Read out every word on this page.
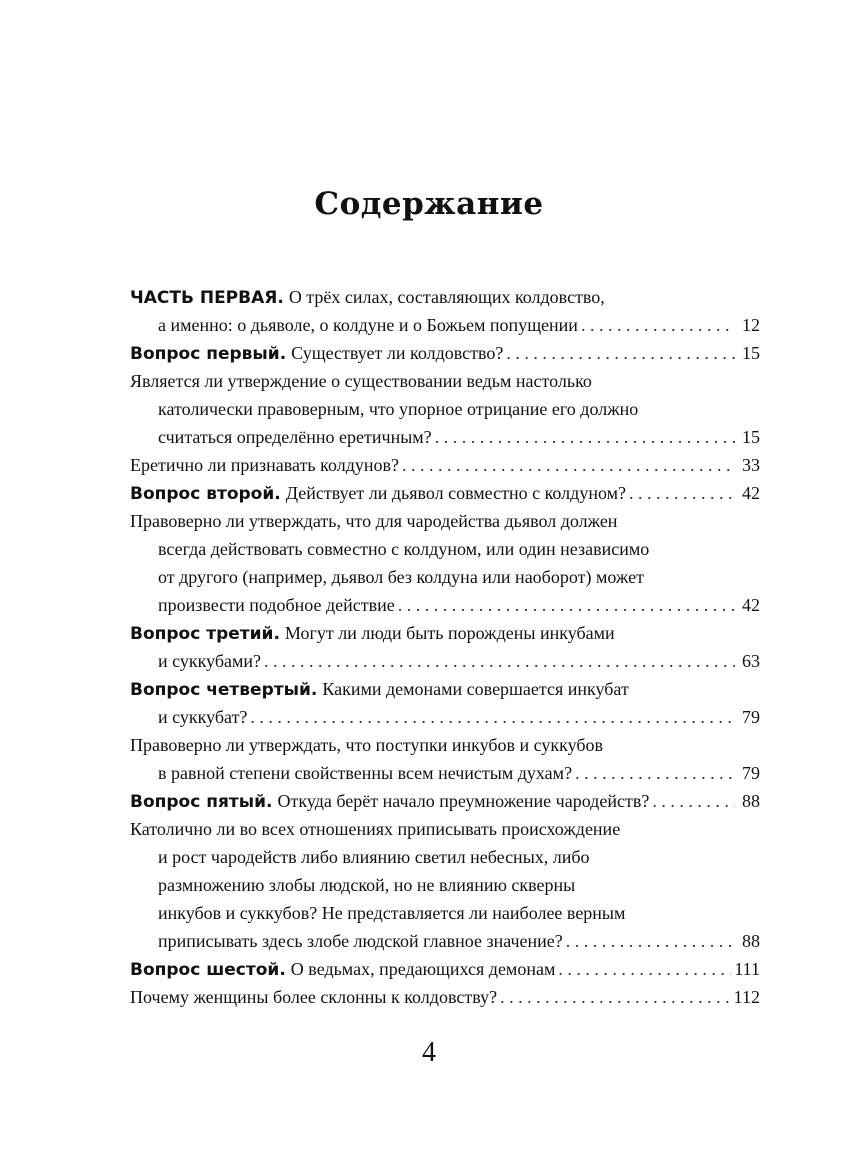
Содержание
ЧАСТЬ ПЕРВАЯ. О трёх силах, составляющих колдовство,
а именно: о дьяволе, о колдуне и о Божьем попущении . . .	12
Вопрос первый. Существует ли колдовство? . . .	15
Является ли утверждение о существовании ведьм настолько
католически правоверным, что упорное отрицание его должно
считаться определённо еретичным? . . .	15
Еретично ли признавать колдунов? . . .	33
Вопрос второй. Действует ли дьявол совместно с колдуном? . . .	42
Правоверно ли утверждать, что для чародейства дьявол должен
всегда действовать совместно с колдуном, или один независимо
от другого (например, дьявол без колдуна или наоборот) может
произвести подобное действие . . .	42
Вопрос третий. Могут ли люди быть порождены инкубами
и суккубами? . . .	63
Вопрос четвертый. Какими демонами совершается инкубат
и суккубат? . . .	79
Правоверно ли утверждать, что поступки инкубов и суккубов
в равной степени свойственны всем нечистым духам? . . .	79
Вопрос пятый. Откуда берёт начало преумножение чародейств? . . .	88
Католично ли во всех отношениях приписывать происхождение
и рост чародейств либо влиянию светил небесных, либо
размножению злобы людской, но не влиянию скверны
инкубов и суккубов? Не представляется ли наиболее верным
приписывать здесь злобе людской главное значение? . . .	88
Вопрос шестой. О ведьмах, предающихся демонам . . .	111
Почему женщины более склонны к колдовству? . . .	112
4
